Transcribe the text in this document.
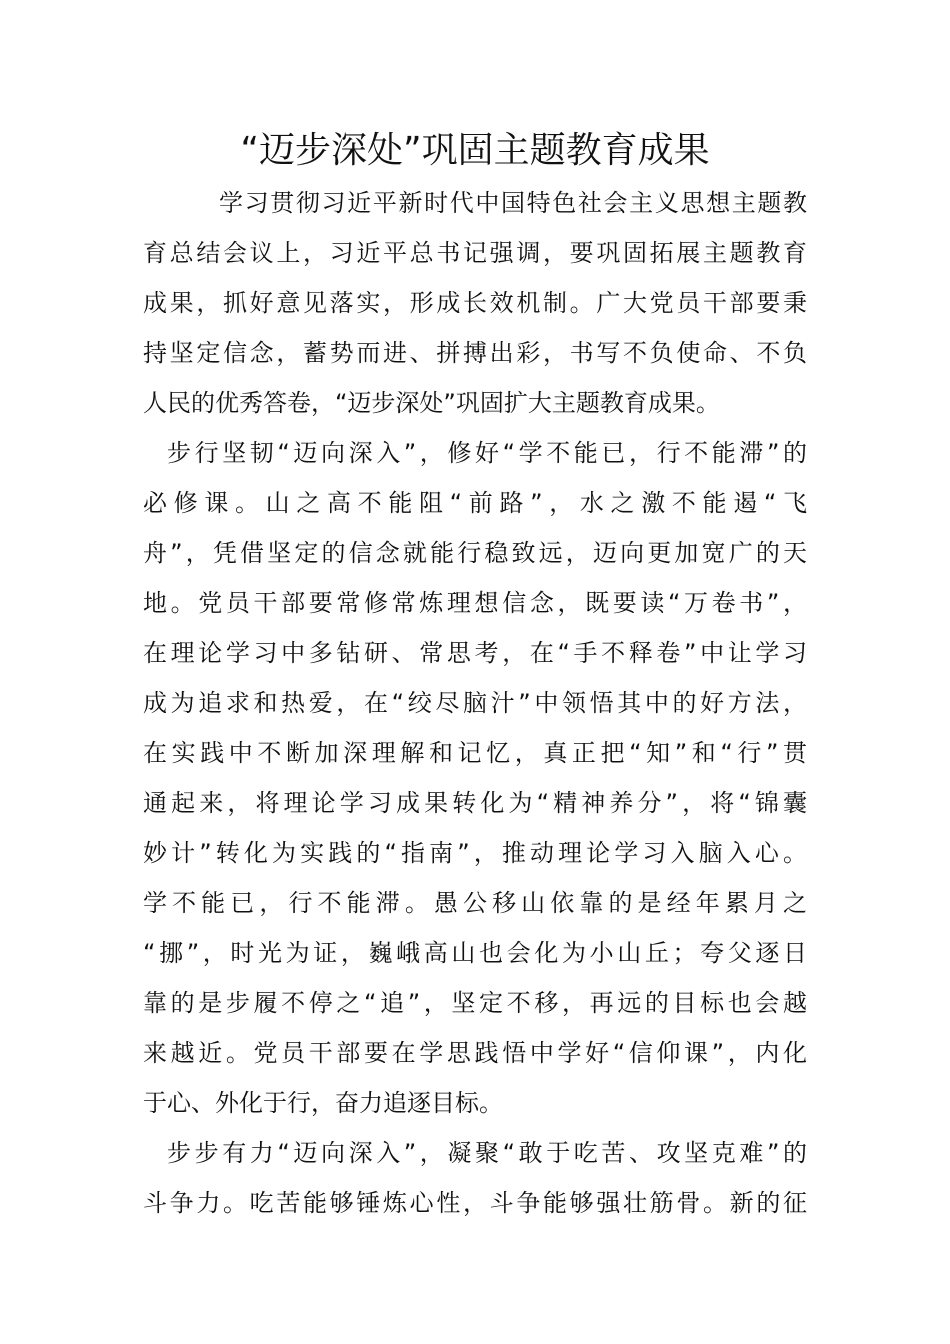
“迈步深处”巩固主题教育成果
学习贯彻习近平新时代中国特色社会主义思想主题教
育总结会议上，习近平总书记强调，要巩固拓展主题教育
成果，抓好意见落实，形成长效机制。广大党员干部要秉
持坚定信念，蓄势而进、拼搏出彩，书写不负使命、不负
人民的优秀答卷，“迈步深处”巩固扩大主题教育成果。
步行坚韧“迈向深入”，修好“学不能已，行不能滞”的
必修课。山之高不能阻“前路”，水之激不能遏“飞
舟”，凭借坚定的信念就能行稳致远，迈向更加宽广的天
地。党员干部要常修常炼理想信念，既要读“万卷书”，
在理论学习中多钻研、常思考，在“手不释卷”中让学习
成为追求和热爱，在“绞尽脑汁”中领悟其中的好方法，
在实践中不断加深理解和记忆，真正把“知”和“行”贯
通起来，将理论学习成果转化为“精神养分”，将“锦囊
妙计”转化为实践的“指南”，推动理论学习入脑入心。
学不能已，行不能滞。愚公移山依靠的是经年累月之
“挪”，时光为证，巍峨高山也会化为小山丘；夸父逐日
靠的是步履不停之“追”，坚定不移，再远的目标也会越
来越近。党员干部要在学思践悟中学好“信仰课”，内化
于心、外化于行，奋力追逐目标。
步步有力“迈向深入”，凝聚“敢于吃苦、攻坚克难”的
斗争力。吃苦能够锤炼心性，斗争能够强壮筋骨。新的征
